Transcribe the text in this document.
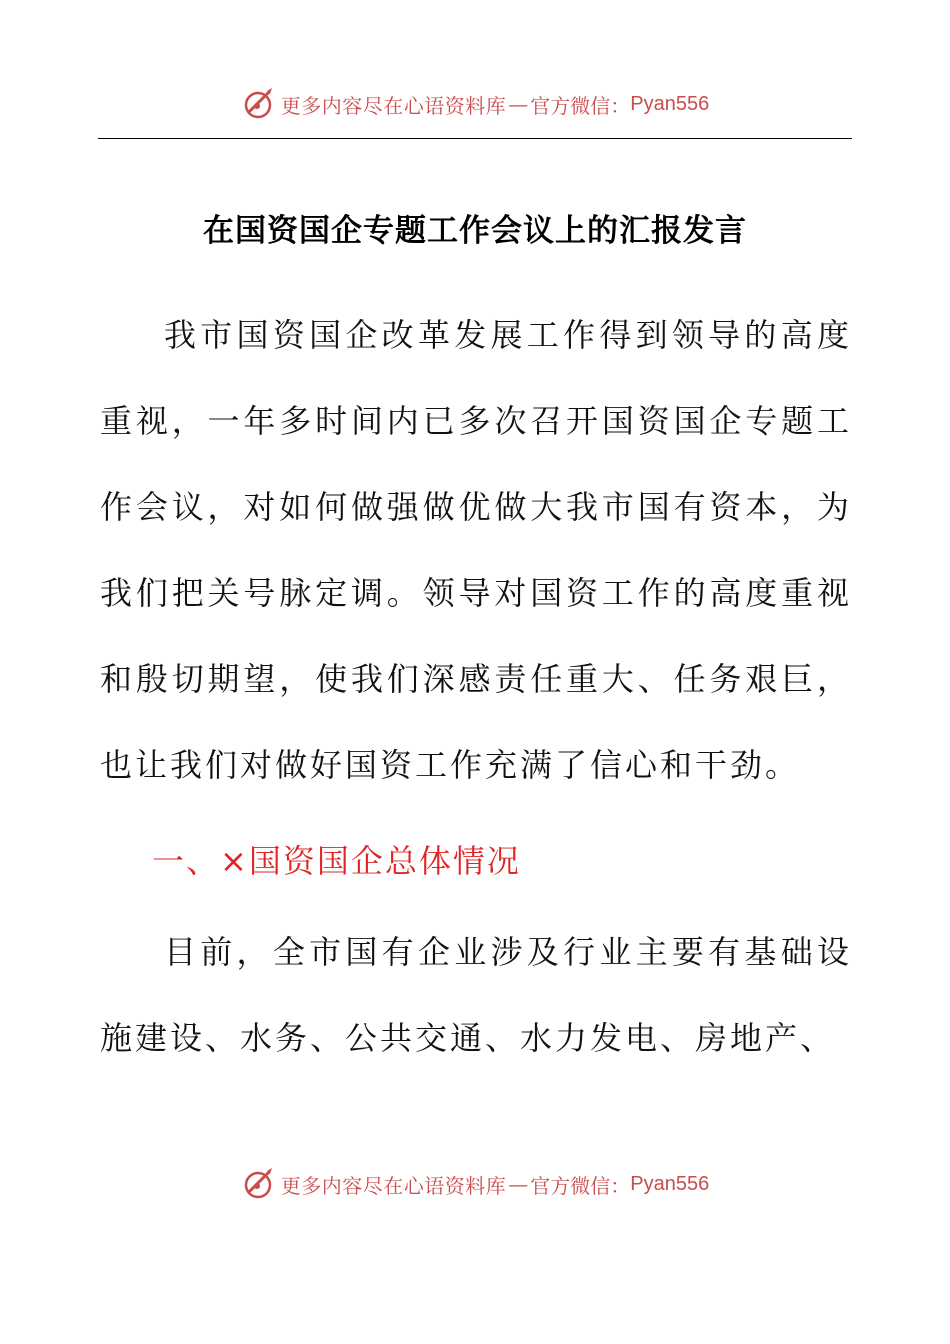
更多内容尽在心语资料库 — 官方微信： Pyan556
在国资国企专题工作会议上的汇报发言

我市国资国企改革发展工作得到领导的高度重视，一年多时间内已多次召开国资国企专题工作会议，对如何做强做优做大我市国有资本，为我们把关号脉定调。领导对国资工作的高度重视和殷切期望，使我们深感责任重大、任务艰巨，也让我们对做好国资工作充满了信心和干劲。

一、×国资国企总体情况

目前，全市国有企业涉及行业主要有基础设施建设、水务、公共交通、水力发电、房地产、

更多内容尽在心语资料库 — 官方微信： Pyan556
